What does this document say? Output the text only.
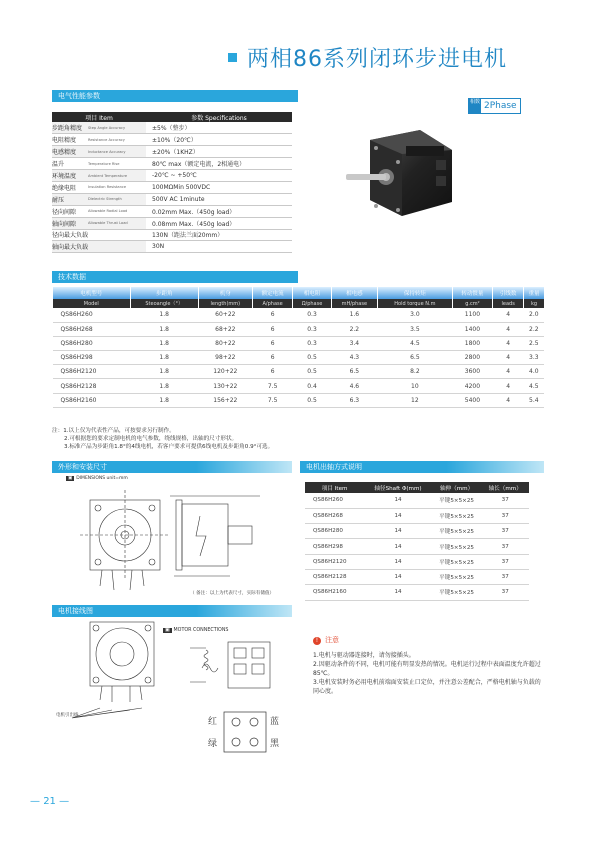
两相86系列闭环步进电机
电气性能参数
项目 Item		参数 Specifications
步距角精度	Step Angle Accuracy	±5%（整步）
电阻精度	Resistance Accuracy	±10%（20℃）
电感精度	Inductance Accuracy	±20%（1KHZ）
温升	Temperature Rise	80℃ max（额定电流，2相通电）
环境温度	Ambient Temperature	-20℃ ~ +50℃
绝缘电阻	Insulation Resistance	100MΩMin 500VDC
耐压	Dielectric Strength	500V AC 1minute
径向间隙	Allowable Radial Load	0.02mm Max.（450g load）
轴向间隙	Allowable Thrust Load	0.08mm Max.（450g load）
径向最大负载		130N（距法兰面20mm）
轴向最大负载		30N
相数 2Phase
技术数据
电机型号	步距角	机身	额定电流	相电阻	相电感	保持转矩	转动惯量	引线数	重量
Model	Steoangle（°）	length(mm)	A/phase	Ω/phase	mH/phase	Hold torque N.m	g.cm²	leads	kg
QS86H260	1.8	60+22	6	0.3	1.6	3.0	1100	4	2.0
QS86H268	1.8	68+22	6	0.3	2.2	3.5	1400	4	2.2
QS86H280	1.8	80+22	6	0.3	3.4	4.5	1800	4	2.5
QS86H298	1.8	98+22	6	0.5	4.3	6.5	2800	4	3.3
QS86H2120	1.8	120+22	6	0.5	6.5	8.2	3600	4	4.0
QS86H2128	1.8	130+22	7.5	0.4	4.6	10	4200	4	4.5
QS86H2160	1.8	156+22	7.5	0.5	6.3	12	5400	4	5.4
注：1.以上仅为代表性产品，可按要求另行制作。
2.可根据您的要求定制电机的电气参数，绕线规格，出轴的尺寸形状。
3.标准产品为步距角1.8°的4线电机，若客户要求可提供6线电机及步距角0.9°可选。
外形和安装尺寸	电机出轴方式说明
▣ DIMENSIONS unit=mm
（ 备注：以上为代表尺寸，实际有储值）
项目 Item	轴径Shaft Φ(mm)	轴伸（mm）	轴长（mm）
QS86H260	14	平键5×5×25	37
QS86H268	14	平键5×5×25	37
QS86H280	14	平键5×5×25	37
QS86H298	14	平键5×5×25	37
QS86H2120	14	平键5×5×25	37
QS86H2128	14	平键5×5×25	37
QS86H2160	14	平键5×5×25	37
电机接线图
电机引出线
▣ MOTOR CONNECTIONS
红	蓝
绿	黑
! 注意
1.电机与驱动器连接时，请勿接插头。
2.因驱动条件的不同，电机可能有明显发热的情况。电机运行过程中表面温度允许超过85℃。
3.电机安装时务必用电机前端面安装止口定位，并注意公差配合，严格电机轴与负载的同心度。
— 21 —
